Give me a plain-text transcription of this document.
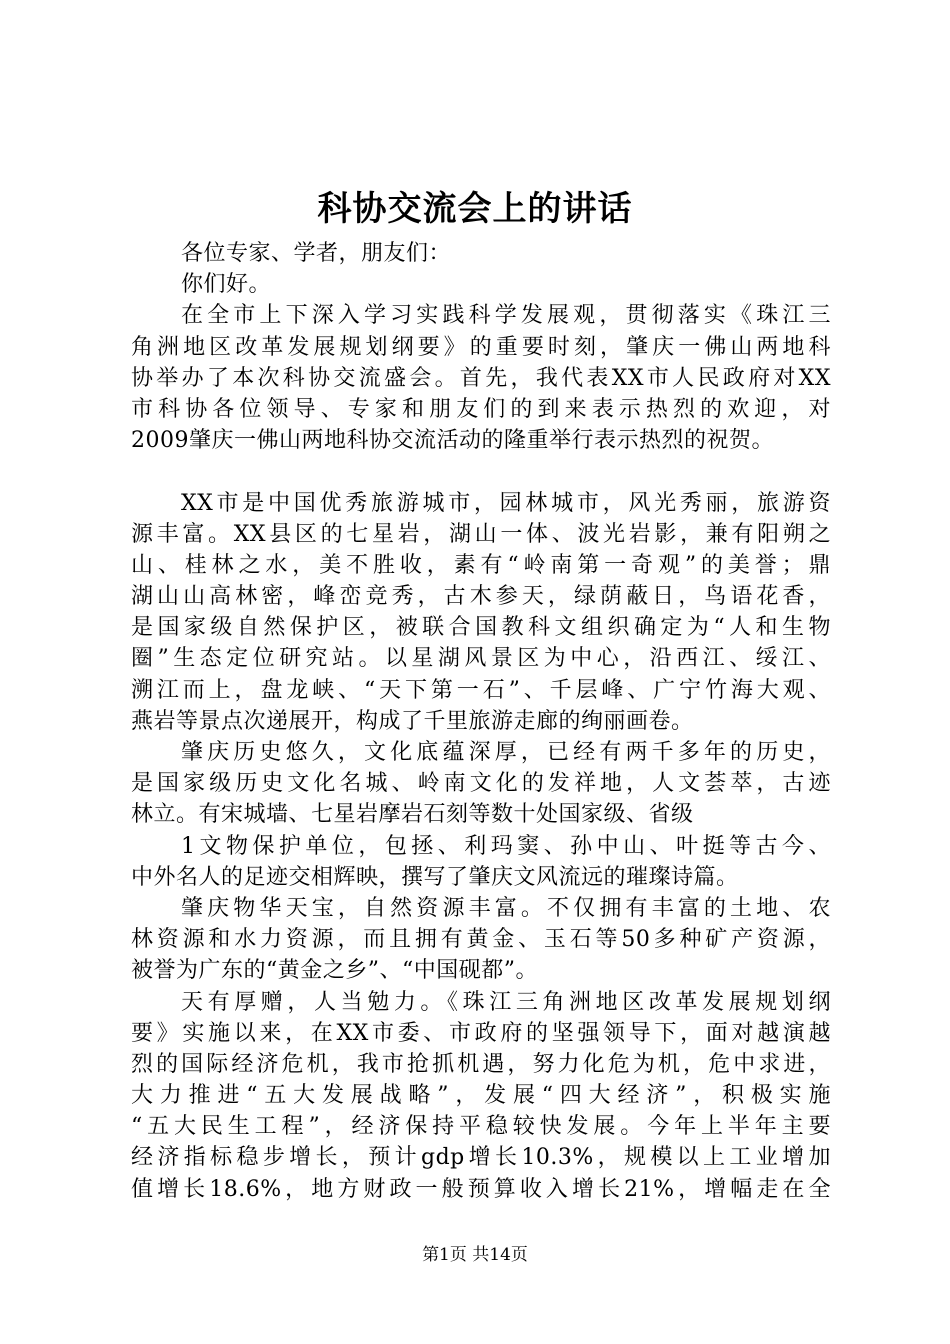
科协交流会上的讲话
各位专家、学者，朋友们：
你们好。
在全市上下深入学习实践科学发展观，贯彻落实《珠江三
角洲地区改革发展规划纲要》的重要时刻，肇庆一佛山两地科
协举办了本次科协交流盛会。首先，我代表XX市人民政府对XX
市科协各位领导、专家和朋友们的到来表示热烈的欢迎，对
2009肇庆一佛山两地科协交流活动的隆重举行表示热烈的祝贺。
XX市是中国优秀旅游城市，园林城市，风光秀丽，旅游资
源丰富。XX县区的七星岩，湖山一体、波光岩影，兼有阳朔之
山、桂林之水，美不胜收，素有“岭南第一奇观”的美誉；鼎
湖山山高林密，峰峦竞秀，古木参天，绿荫蔽日，鸟语花香，
是国家级自然保护区，被联合国教科文组织确定为“人和生物
圈”生态定位研究站。以星湖风景区为中心，沿西江、绥江、
溯江而上，盘龙峡、“天下第一石”、千层峰、广宁竹海大观、
燕岩等景点次递展开，构成了千里旅游走廊的绚丽画卷。
肇庆历史悠久，文化底蕴深厚，已经有两千多年的历史，
是国家级历史文化名城、岭南文化的发祥地，人文荟萃，古迹
林立。有宋城墙、七星岩摩岩石刻等数十处国家级、省级
1文物保护单位，包拯、利玛窦、孙中山、叶挺等古今、
中外名人的足迹交相辉映，撰写了肇庆文风流远的璀璨诗篇。
肇庆物华天宝，自然资源丰富。不仅拥有丰富的土地、农
林资源和水力资源，而且拥有黄金、玉石等50多种矿产资源，
被誉为广东的“黄金之乡”、“中国砚都”。
天有厚赠，人当勉力。《珠江三角洲地区改革发展规划纲
要》实施以来，在XX市委、市政府的坚强领导下，面对越演越
烈的国际经济危机，我市抢抓机遇，努力化危为机，危中求进，
大力推进“五大发展战略”，发展“四大经济”，积极实施
“五大民生工程”，经济保持平稳较快发展。今年上半年主要
经济指标稳步增长，预计gdp增长10.3%，规模以上工业增加
值增长18.6%，地方财政一般预算收入增长21%，增幅走在全
第1页 共14页
